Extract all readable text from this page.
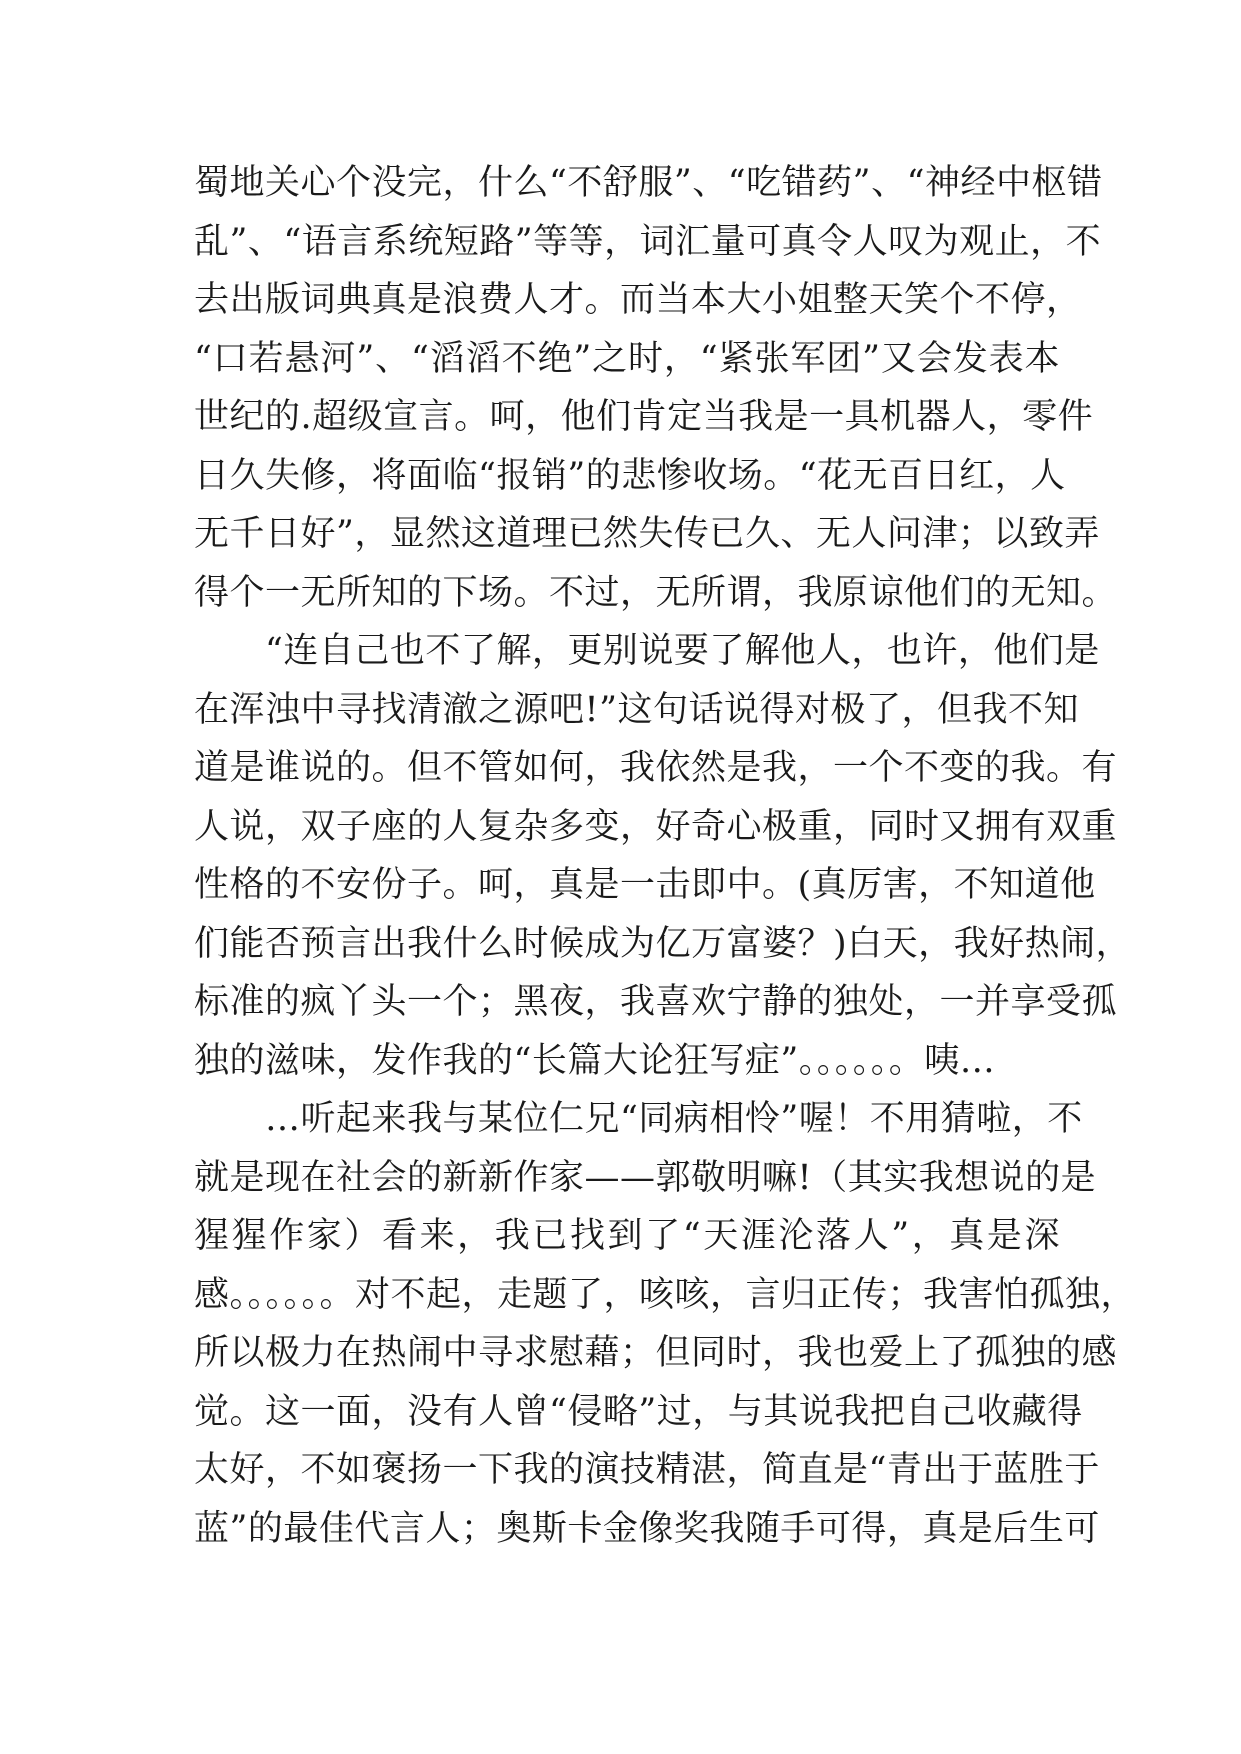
蜀地关心个没完，什么“不舒服”、“吃错药”、“神经中枢错
乱”、“语言系统短路”等等，词汇量可真令人叹为观止，不
去出版词典真是浪费人才。而当本大小姐整天笑个不停，
“口若悬河”、“滔滔不绝”之时，“紧张军团”又会发表本
世纪的.超级宣言。呵，他们肯定当我是一具机器人，零件
日久失修，将面临“报销”的悲惨收场。“花无百日红，人
无千日好”，显然这道理已然失传已久、无人问津；以致弄
得个一无所知的下场。不过，无所谓，我原谅他们的无知。
　　“连自己也不了解，更别说要了解他人，也许，他们是
在浑浊中寻找清澈之源吧!”这句话说得对极了，但我不知
道是谁说的。但不管如何，我依然是我，一个不变的我。有
人说，双子座的人复杂多变，好奇心极重，同时又拥有双重
性格的不安份子。呵，真是一击即中。(真厉害，不知道他
们能否预言出我什么时候成为亿万富婆？)白天，我好热闹，
标准的疯丫头一个；黑夜，我喜欢宁静的独处，一并享受孤
独的滋味，发作我的“长篇大论狂写症”。。。。。。咦…
　　…听起来我与某位仁兄“同病相怜”喔！不用猜啦，不
就是现在社会的新新作家——郭敬明嘛!（其实我想说的是
猩猩作家）看来，我已找到了“天涯沦落人”，真是深
感。。。。。。对不起，走题了，咳咳，言归正传；我害怕孤独，
所以极力在热闹中寻求慰藉；但同时，我也爱上了孤独的感
觉。这一面，没有人曾“侵略”过，与其说我把自己收藏得
太好，不如褒扬一下我的演技精湛，简直是“青出于蓝胜于
蓝”的最佳代言人；奥斯卡金像奖我随手可得，真是后生可
